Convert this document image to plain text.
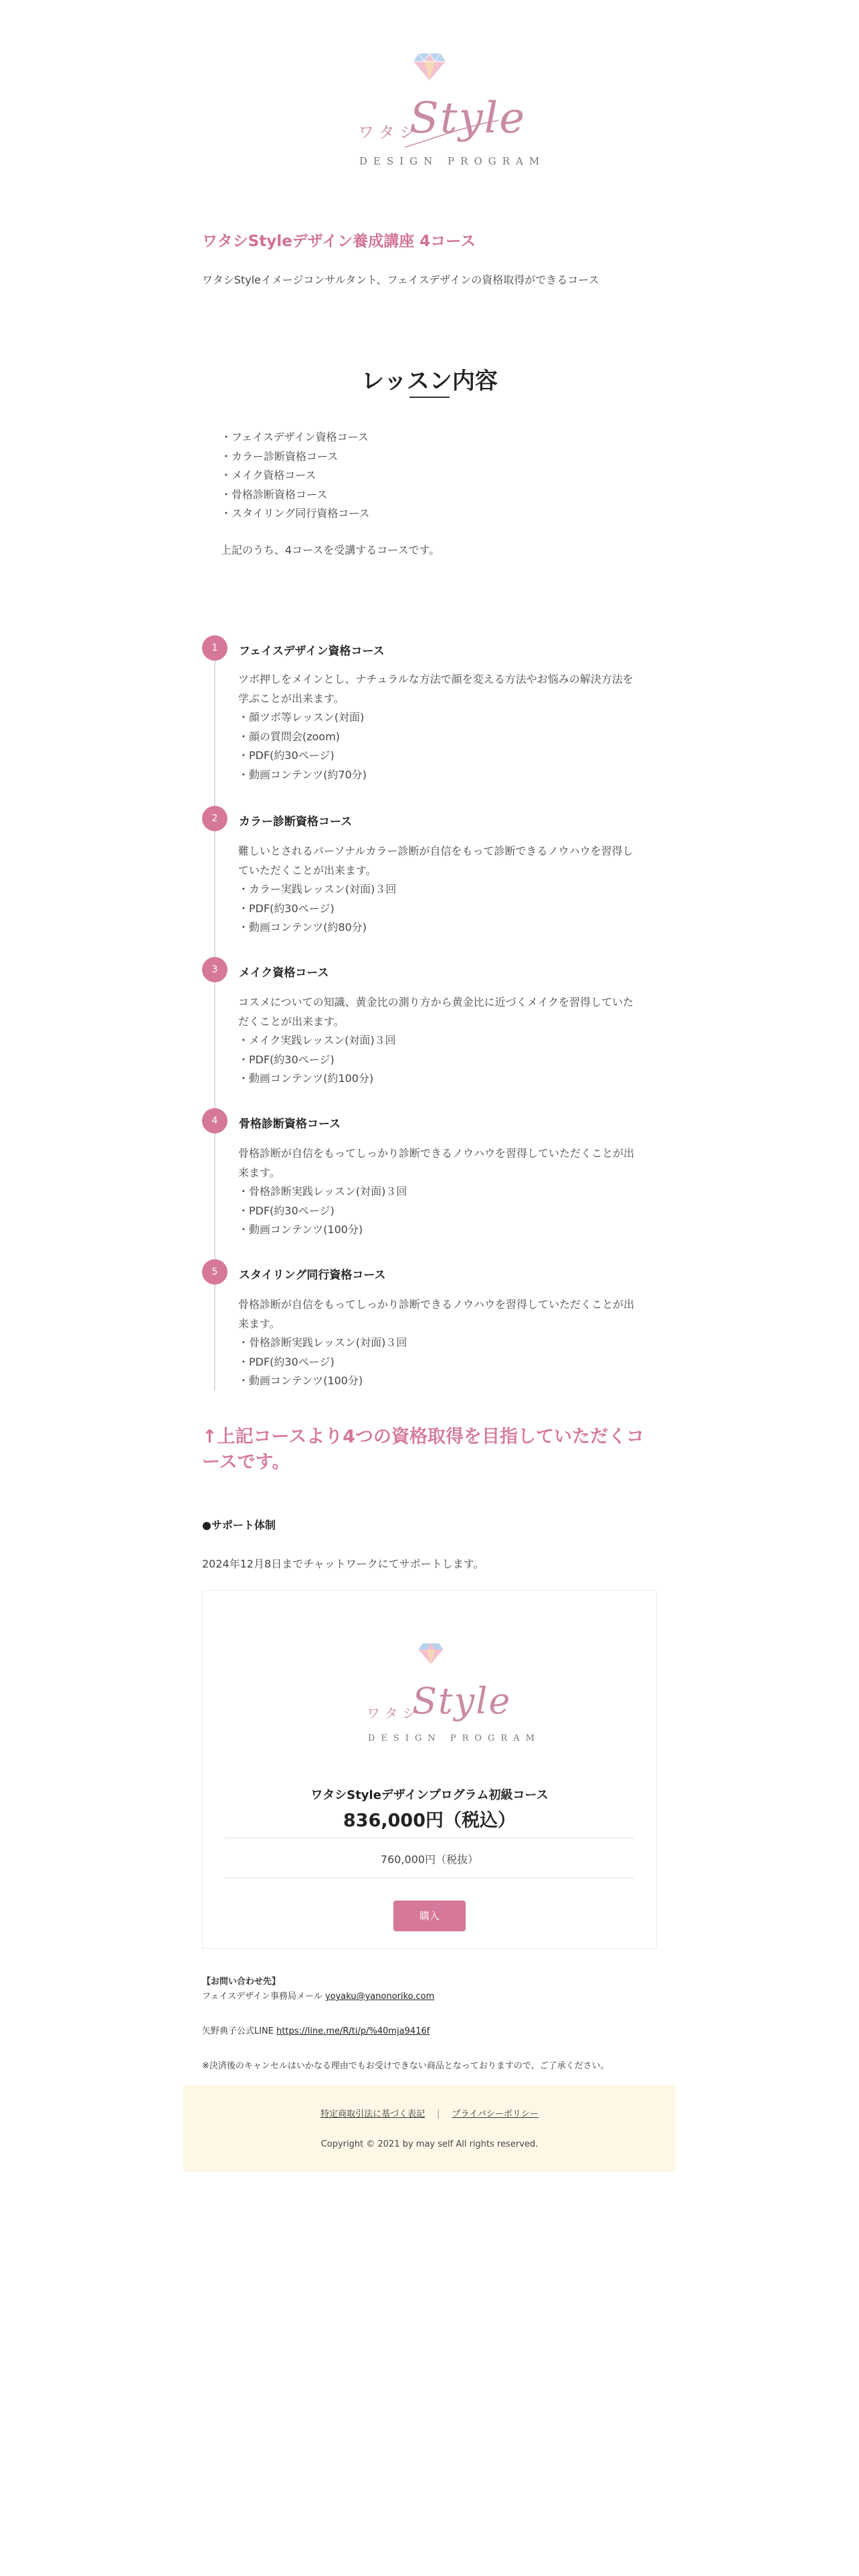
ワタシ
Style
DESIGN PROGRAM
ワタシStyleデザイン養成講座 4コース
ワタシStyleイメージコンサルタント、フェイスデザインの資格取得ができるコース
レッスン内容
・フェイスデザイン資格コース
・カラー診断資格コース
・メイク資格コース
・骨格診断資格コース
・スタイリング同行資格コース
上記のうち、4コースを受講するコースです。
1	フェイスデザイン資格コース
ツボ押しをメインとし、ナチュラルな方法で顔を変える方法やお悩みの解決方法を
学ぶことが出来ます。
・顔ツボ等レッスン(対面)
・顔の質問会(zoom)
・PDF(約30ページ)
・動画コンテンツ(約70分)
2	カラー診断資格コース
難しいとされるパーソナルカラー診断が自信をもって診断できるノウハウを習得し
ていただくことが出来ます。
・カラー実践レッスン(対面)３回
・PDF(約30ページ)
・動画コンテンツ(約80分)
3	メイク資格コース
コスメについての知識、黄金比の測り方から黄金比に近づくメイクを習得していた
だくことが出来ます。
・メイク実践レッスン(対面)３回
・PDF(約30ページ)
・動画コンテンツ(約100分)
4	骨格診断資格コース
骨格診断が自信をもってしっかり診断できるノウハウを習得していただくことが出
来ます。
・骨格診断実践レッスン(対面)３回
・PDF(約30ページ)
・動画コンテンツ(100分)
5	スタイリング同行資格コース
骨格診断が自信をもってしっかり診断できるノウハウを習得していただくことが出
来ます。
・骨格診断実践レッスン(対面)３回
・PDF(約30ページ)
・動画コンテンツ(100分)
↑上記コースより4つの資格取得を目指していただくコースです。
●サポート体制
2024年12月8日までチャットワークにてサポートします。
ワタシ
Style
DESIGN PROGRAM
ワタシStyleデザインプログラム初級コース
836,000円（税込）
760,000円（税抜）
購入
【お問い合わせ先】
フェイスデザイン事務局メール yoyaku@yanonoriko.com
矢野典子公式LINE https://line.me/R/ti/p/%40mja9416f
※決済後のキャンセルはいかなる理由でもお受けできない商品となっておりますので、ご了承ください。
特定商取引法に基づく表記 | プライバシーポリシー
Copyright © 2021 by may self All rights reserved.
